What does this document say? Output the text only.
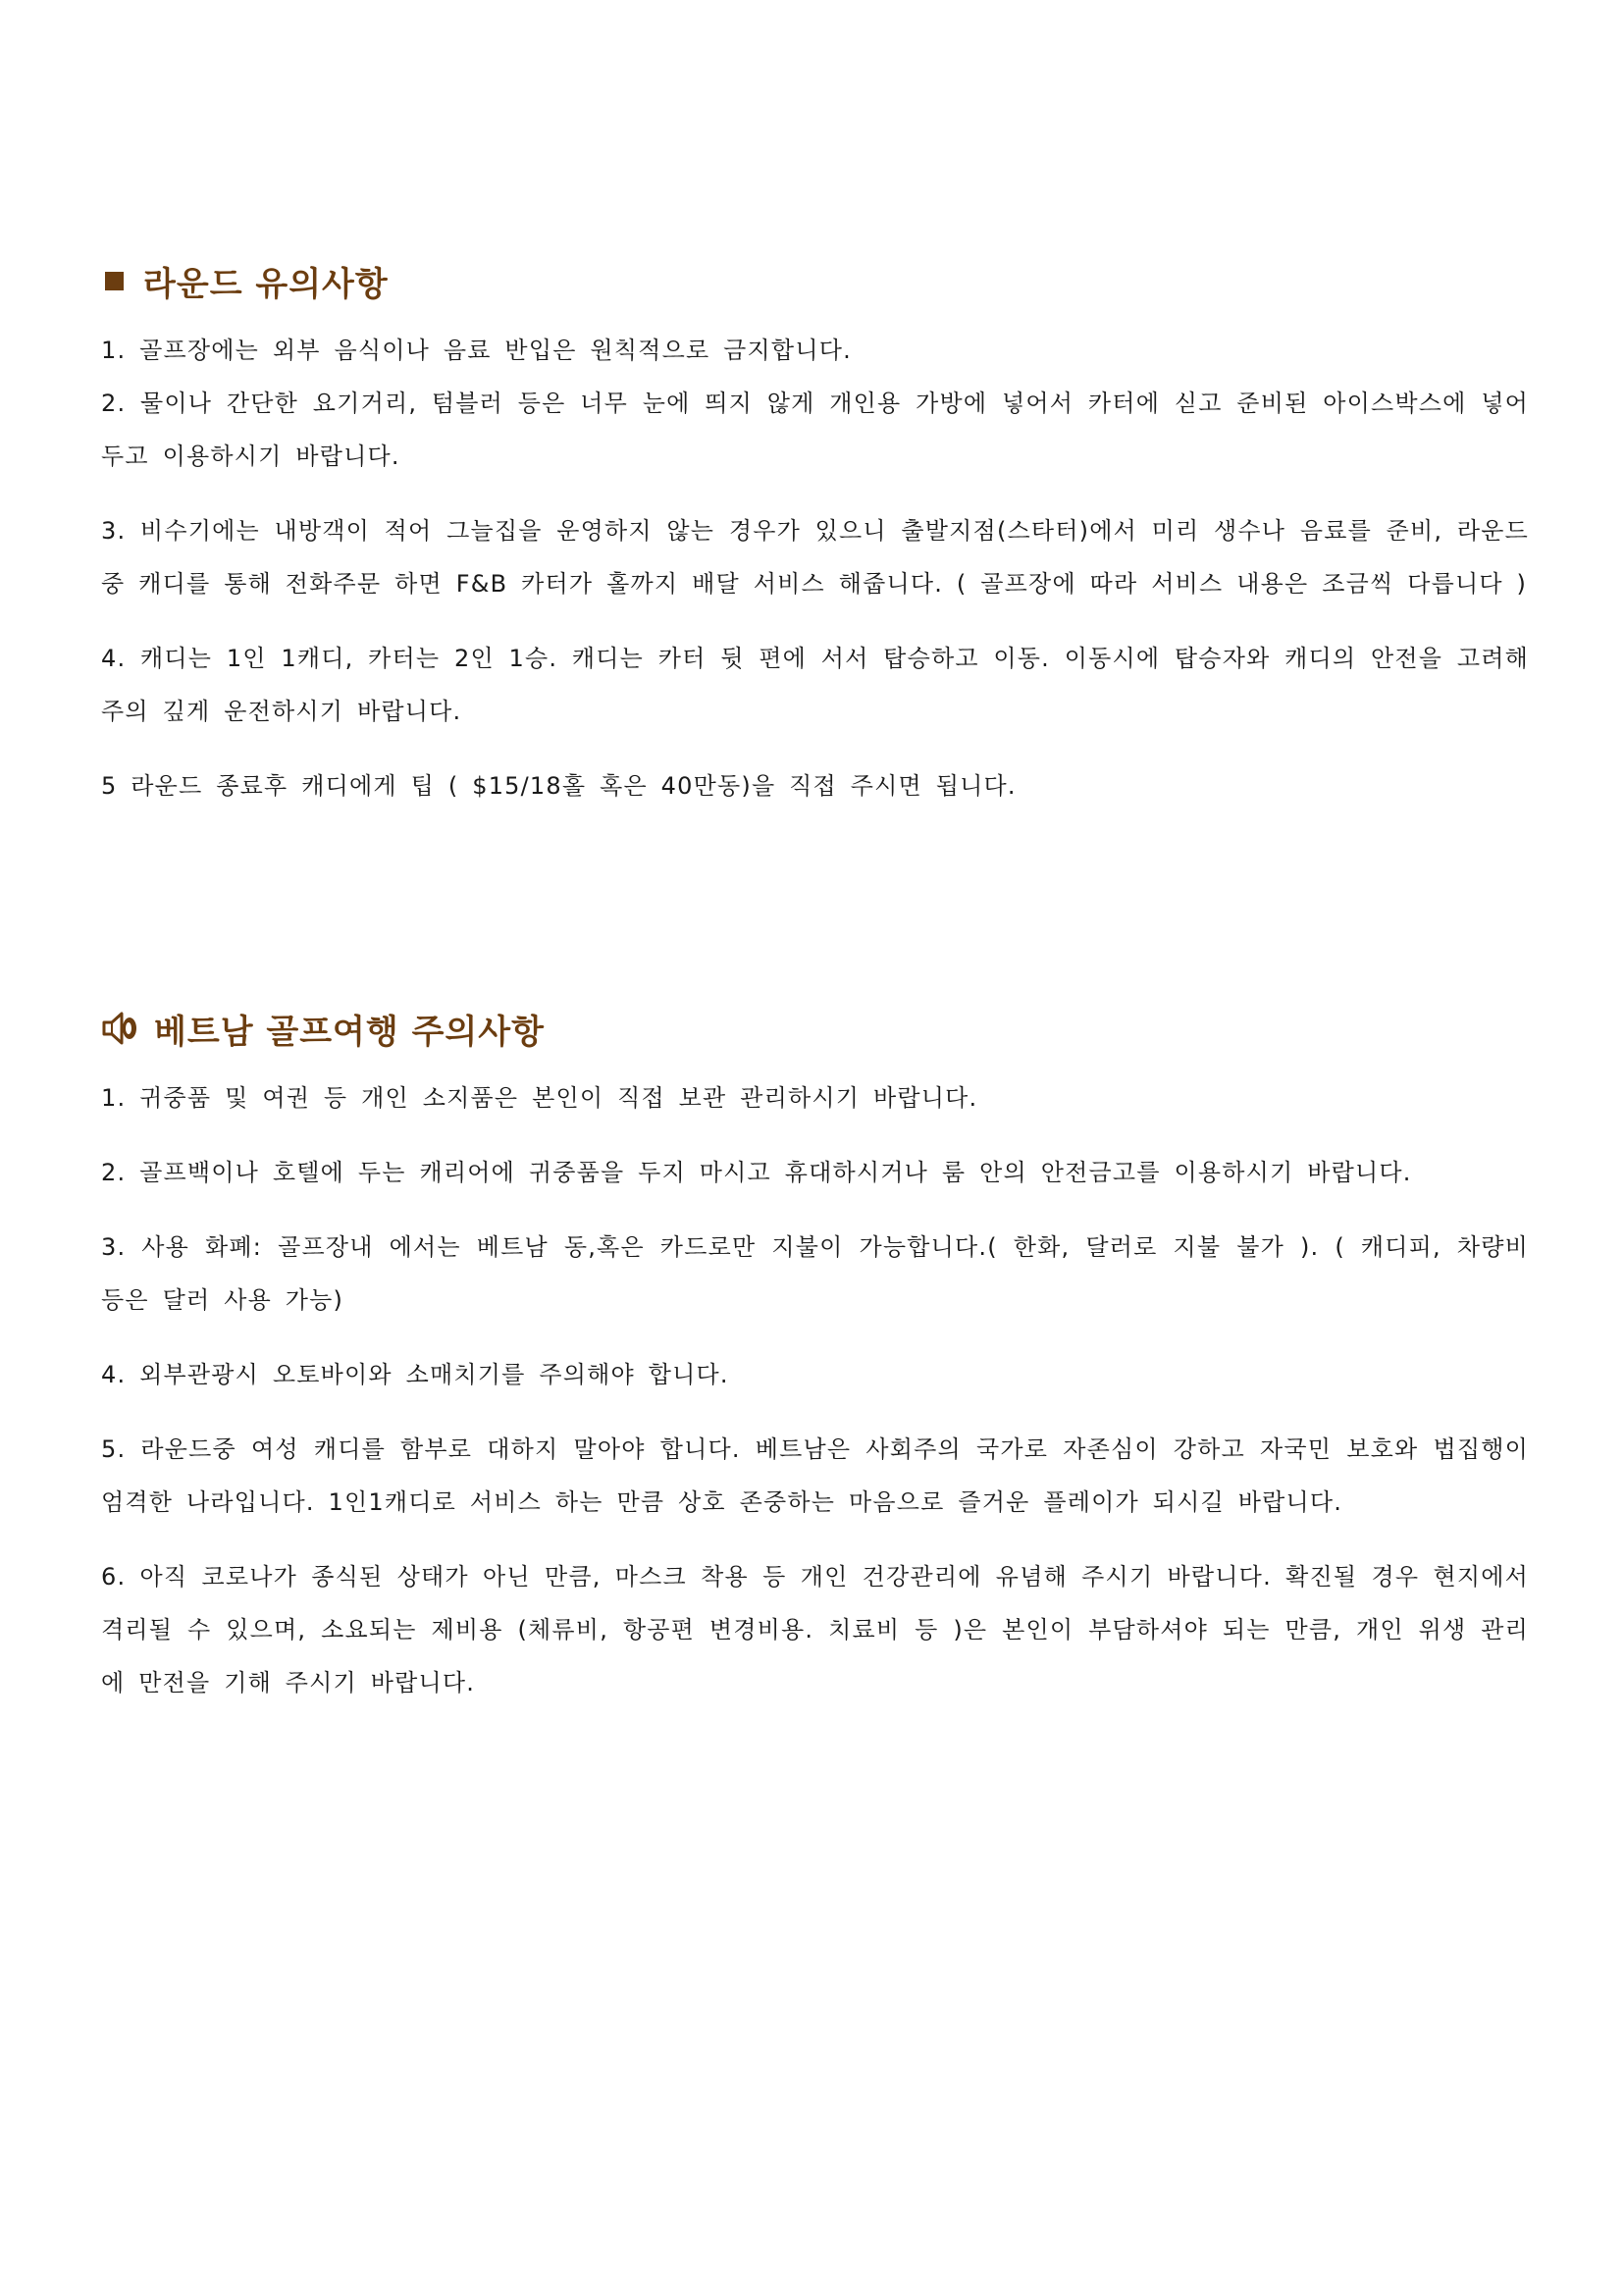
라운드 유의사항

1. 골프장에는 외부 음식이나 음료 반입은 원칙적으로 금지합니다.

2. 물이나 간단한 요기거리, 텀블러 등은 너무 눈에 띄지 않게 개인용 가방에 넣어서 카터에 싣고 준비된 아이스박스에 넣어두고 이용하시기 바랍니다.

3. 비수기에는 내방객이 적어 그늘집을 운영하지 않는 경우가 있으니 출발지점(스타터)에서 미리 생수나 음료를 준비, 라운드중 캐디를 통해 전화주문 하면 F&B 카터가 홀까지 배달 서비스 해줍니다. ( 골프장에 따라 서비스 내용은 조금씩 다릅니다 )

4. 캐디는 1인 1캐디, 카터는 2인 1승. 캐디는 카터 뒷 편에 서서 탑승하고 이동. 이동시에 탑승자와 캐디의 안전을 고려해 주의 깊게 운전하시기 바랍니다.

5 라운드 종료후 캐디에게 팁 ( $15/18홀 혹은 40만동)을 직접 주시면 됩니다.

베트남 골프여행 주의사항

1. 귀중품 및 여권 등 개인 소지품은 본인이 직접 보관 관리하시기 바랍니다.

2. 골프백이나 호텔에 두는 캐리어에 귀중품을 두지 마시고 휴대하시거나 룸 안의 안전금고를 이용하시기 바랍니다.

3. 사용 화폐: 골프장내 에서는 베트남 동,혹은 카드로만 지불이 가능합니다.( 한화, 달러로 지불 불가 ). ( 캐디피, 차량비 등은 달러 사용 가능)

4. 외부관광시 오토바이와 소매치기를 주의해야 합니다.

5. 라운드중 여성 캐디를 함부로 대하지 말아야 합니다. 베트남은 사회주의 국가로 자존심이 강하고 자국민 보호와 법집행이 엄격한 나라입니다. 1인1캐디로 서비스 하는 만큼 상호 존중하는 마음으로 즐거운 플레이가 되시길 바랍니다.

6. 아직 코로나가 종식된 상태가 아닌 만큼, 마스크 착용 등 개인 건강관리에 유념해 주시기 바랍니다. 확진될 경우 현지에서 격리될 수 있으며, 소요되는 제비용 (체류비, 항공편 변경비용. 치료비 등 )은 본인이 부담하셔야 되는 만큼, 개인 위생 관리에 만전을 기해 주시기 바랍니다.
